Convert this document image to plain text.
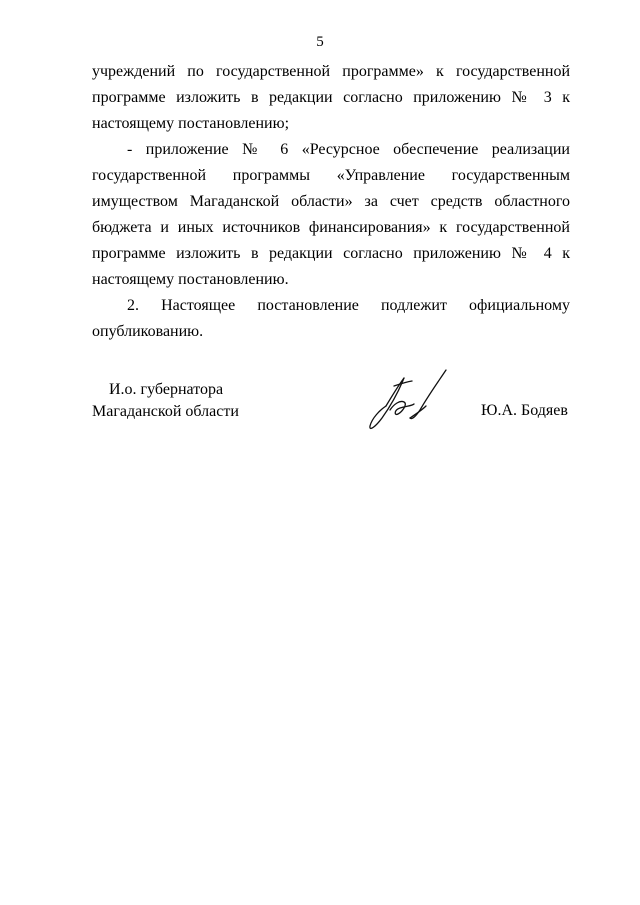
5

учреждений по государственной программе» к государственной программе изложить в редакции согласно приложению № 3 к настоящему постановлению;

- приложение № 6 «Ресурсное обеспечение реализации государственной программы «Управление государственным имуществом Магаданской области» за счет средств областного бюджета и иных источников финансирования» к государственной программе изложить в редакции согласно приложению № 4 к настоящему постановлению.

2. Настоящее постановление подлежит официальному опубликованию.

И.о. губернатора
Магаданской области	Ю.А. Бодяев
